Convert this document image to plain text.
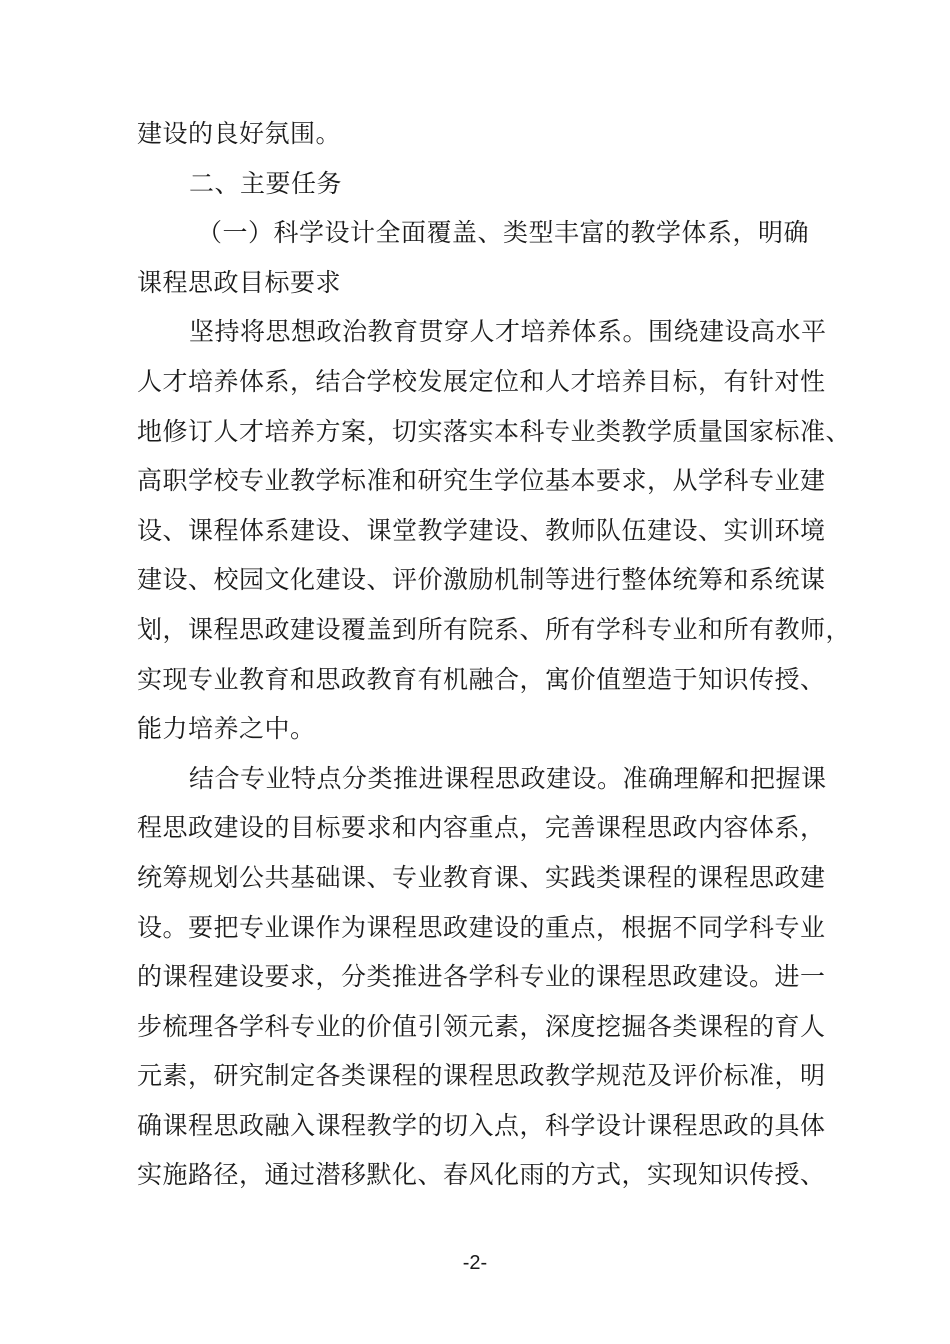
建设的良好氛围。
二、主要任务
（一）科学设计全面覆盖、类型丰富的教学体系，明确
课程思政目标要求
坚持将思想政治教育贯穿人才培养体系。围绕建设高水平
人才培养体系，结合学校发展定位和人才培养目标，有针对性
地修订人才培养方案，切实落实本科专业类教学质量国家标准、
高职学校专业教学标准和研究生学位基本要求，从学科专业建
设、课程体系建设、课堂教学建设、教师队伍建设、实训环境
建设、校园文化建设、评价激励机制等进行整体统筹和系统谋
划，课程思政建设覆盖到所有院系、所有学科专业和所有教师，
实现专业教育和思政教育有机融合，寓价值塑造于知识传授、
能力培养之中。
结合专业特点分类推进课程思政建设。准确理解和把握课
程思政建设的目标要求和内容重点，完善课程思政内容体系，
统筹规划公共基础课、专业教育课、实践类课程的课程思政建
设。要把专业课作为课程思政建设的重点，根据不同学科专业
的课程建设要求，分类推进各学科专业的课程思政建设。进一
步梳理各学科专业的价值引领元素，深度挖掘各类课程的育人
元素，研究制定各类课程的课程思政教学规范及评价标准，明
确课程思政融入课程教学的切入点，科学设计课程思政的具体
实施路径，通过潜移默化、春风化雨的方式，实现知识传授、
-2-
